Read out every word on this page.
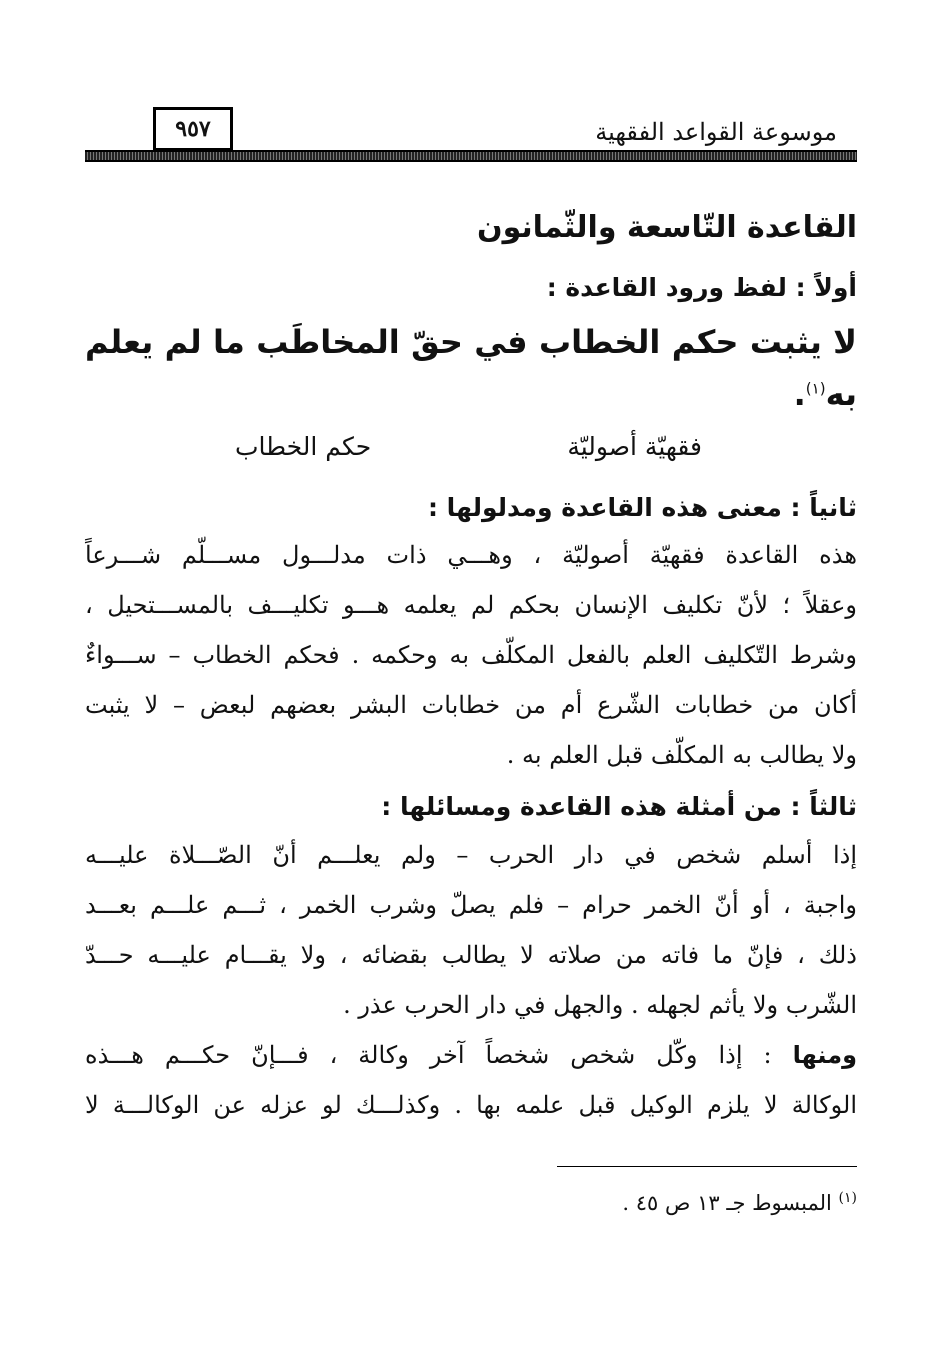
موسوعة القواعد الفقهية
٩٥٧
القاعدة التّاسعة والثّمانون
أولاً : لفظ ورود القاعدة :
لا يثبت حكم الخطاب في حقّ المخاطَب ما لم يعلم
به$^{(١)}$.
فقهيّة أصوليّة
حكم الخطاب
ثانياً : معنى هذه القاعدة ومدلولها :
هذه القاعدة فقهيّة أصوليّة ، وهـــي ذات مدلـــول مســـلّم شـــرعاً
وعقلاً ؛ لأنّ تكليف الإنسان بحكم لم يعلمه هـــو تكليـــف بالمســـتحيل ،
وشرط التّكليف العلم بالفعل المكلّف به وحكمه . فحكم الخطاب – ســـواءٌ
أكان من خطابات الشّرع أم من خطابات البشر بعضهم لبعض – لا يثبت
ولا يطالب به المكلّف قبل العلم به .
ثالثاً : من أمثلة هذه القاعدة ومسائلها :
إذا أسلم شخص في دار الحرب – ولم يعلـــم أنّ الصّـــلاة عليـــه
واجبة ، أو أنّ الخمر حرام – فلم يصلّ وشرب الخمر ، ثـــم علـــم بعـــد
ذلك ، فإنّ ما فاته من صلاته لا يطالب بقضائه ، ولا يقـــام عليـــه حـــدّ
الشّرب ولا يأثم لجهله . والجهل في دار الحرب عذر .
ومنها : إذا وكّل شخص شخصاً آخر وكالة ، فـــإنّ حكـــم هـــذه
الوكالة لا يلزم الوكيل قبل علمه بها . وكذلـــك لو عزله عن الوكالـــة لا
$^{(١)}$ المبسوط جـ ١٣ ص ٤٥ .
